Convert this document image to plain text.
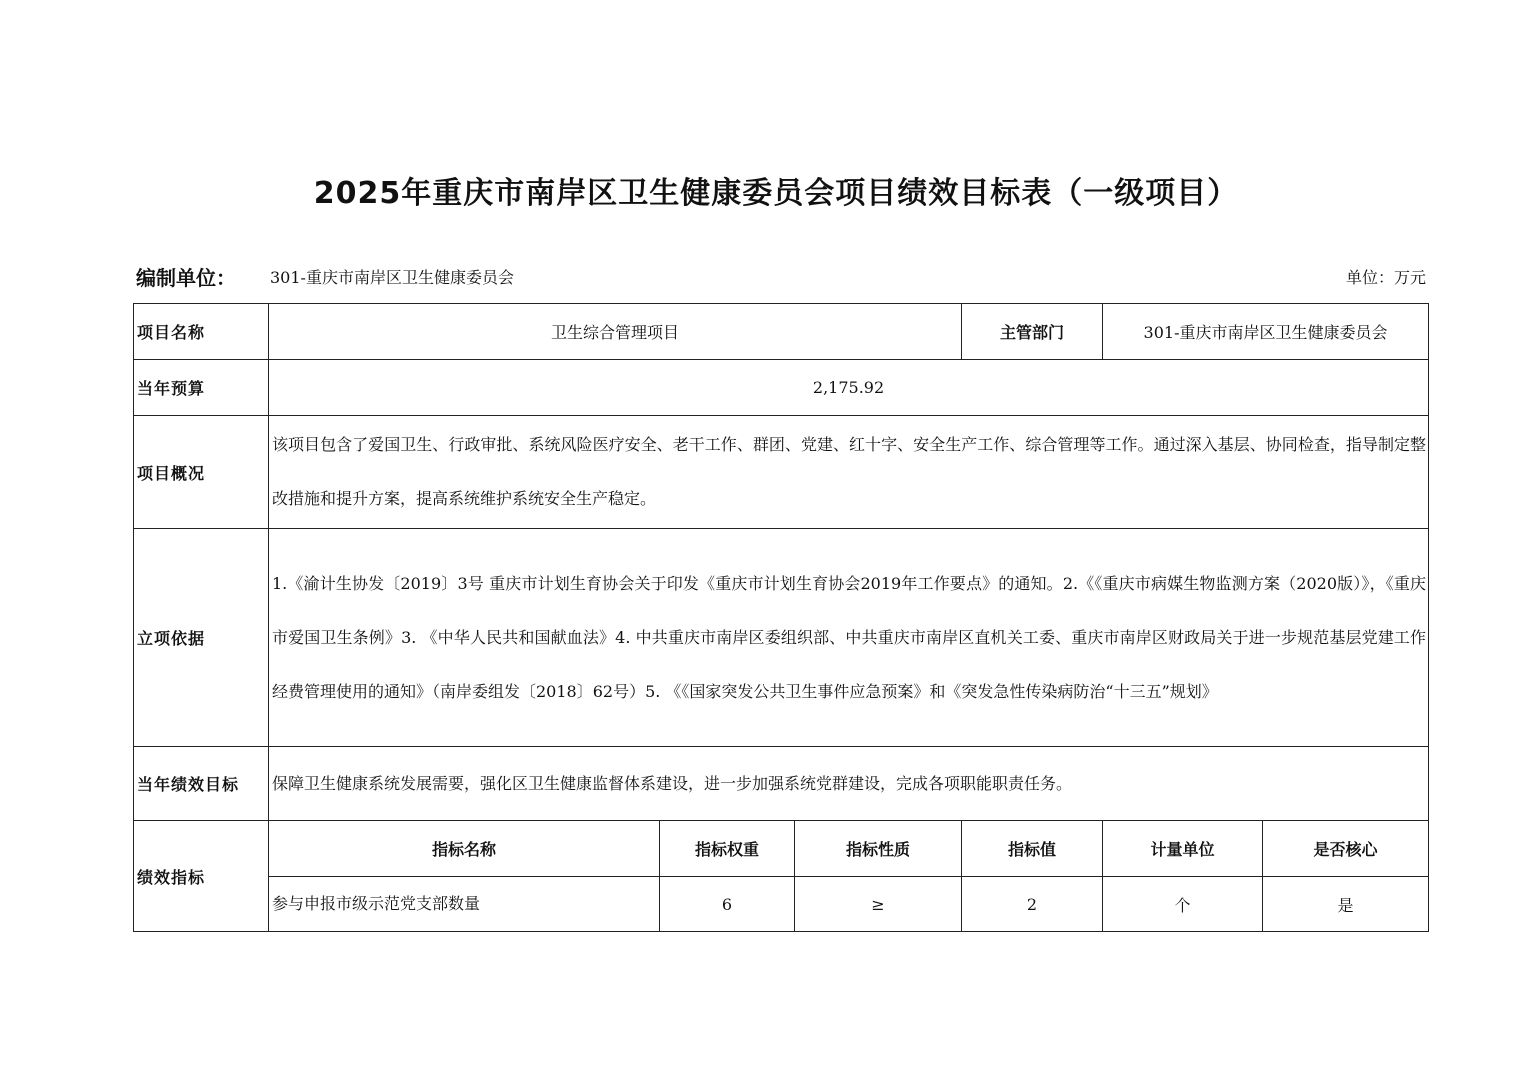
2025年重庆市南岸区卫生健康委员会项目绩效目标表（一级项目）
编制单位： 301-重庆市南岸区卫生健康委员会	单位：万元
项目名称	卫生综合管理项目			主管部门	301-重庆市南岸区卫生健康委员会	
当年预算	2,175.92					
项目概况	该项目包含了爱国卫生、行政审批、系统风险医疗安全、老干工作、群团、党建、红十字、安全生产工作、综合管理等工作。通过深入基层、协同检查，指导制定整改措施和提升方案，提高系统维护系统安全生产稳定。					
立项依据	1.《渝计生协发〔2019〕3号 重庆市计划生育协会关于印发《重庆市计划生育协会2019年工作要点》的通知。2.《《重庆市病媒生物监测方案（2020版）》，《重庆市爱国卫生条例》3. 《中华人民共和国献血法》4. 中共重庆市南岸区委组织部、中共重庆市南岸区直机关工委、重庆市南岸区财政局关于进一步规范基层党建工作经费管理使用的通知》（南岸委组发〔2018〕62号）5. 《《国家突发公共卫生事件应急预案》和《突发急性传染病防治“十三五”规划》					
当年绩效目标	保障卫生健康系统发展需要，强化区卫生健康监督体系建设，进一步加强系统党群建设，完成各项职能职责任务。					
绩效指标	指标名称	指标权重	指标性质	指标值	计量单位	是否核心
	参与申报市级示范党支部数量	6	≥	2	个	是
